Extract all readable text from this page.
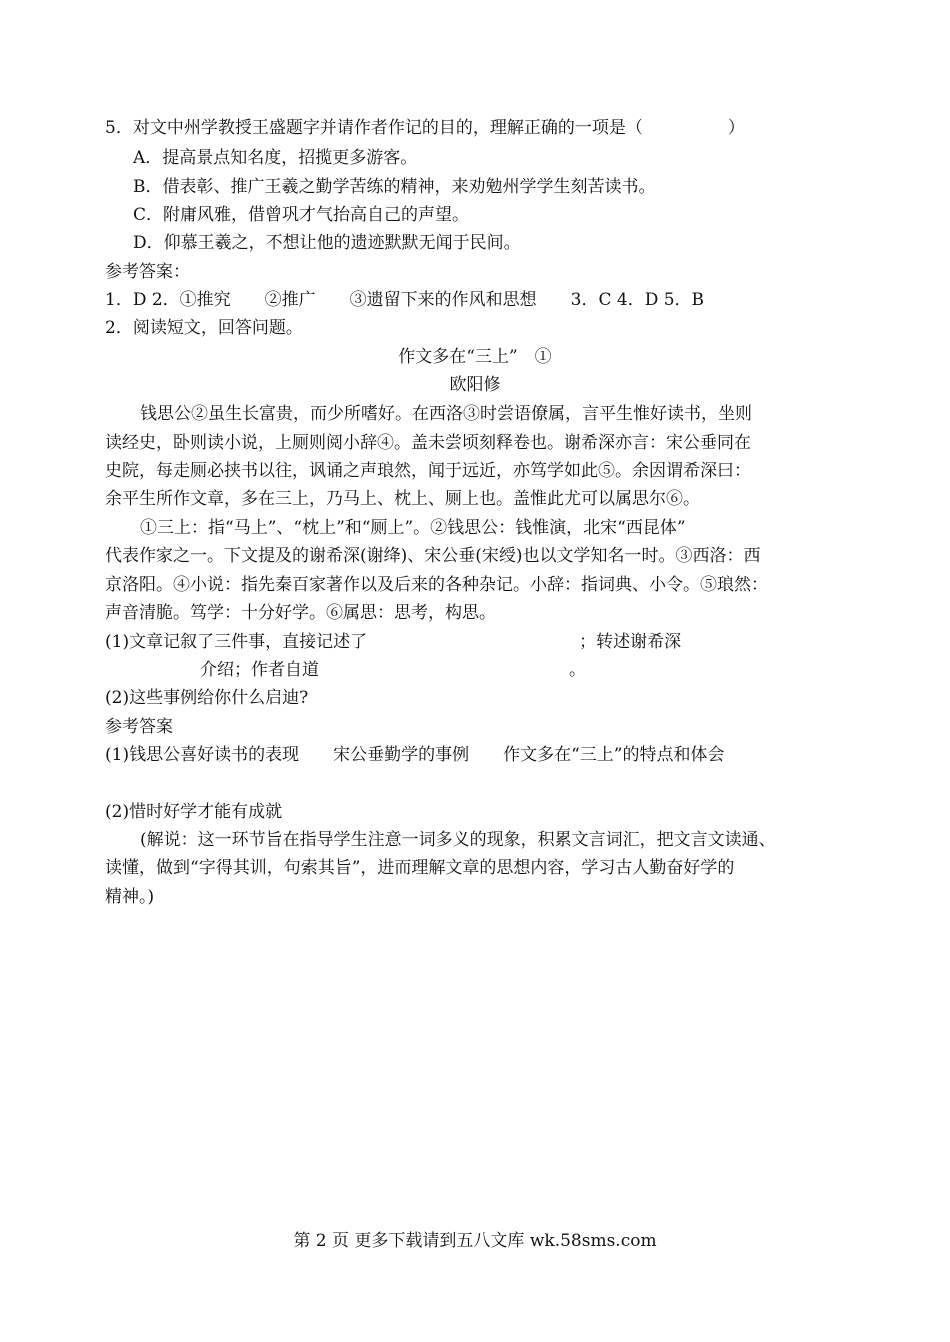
5．对文中州学教授王盛题字并请作者作记的目的，理解正确的一项是（　　　　　）
A．提高景点知名度，招揽更多游客。
B．借表彰、推广王羲之勤学苦练的精神，来劝勉州学学生刻苦读书。
C．附庸风雅，借曾巩才气抬高自己的声望。
D．仰慕王羲之，不想让他的遗迹默默无闻于民间。
参考答案：
1．D 2．①推究　　②推广　　③遗留下来的作风和思想　　3．C 4．D 5．B
2．阅读短文，回答问题。
作文多在“三上”　①
欧阳修
钱思公②虽生长富贵，而少所嗜好。在西洛③时尝语僚属，言平生惟好读书，坐则
读经史，卧则读小说，上厕则阅小辞④。盖未尝顷刻释卷也。谢希深亦言：宋公垂同在
史院，每走厕必挟书以往，讽诵之声琅然，闻于远近，亦笃学如此⑤。余因谓希深曰：
余平生所作文章，多在三上，乃马上、枕上、厕上也。盖惟此尤可以属思尔⑥。
①三上：指“马上”、“枕上”和“厕上”。②钱思公：钱惟演，北宋“西昆体”
代表作家之一。下文提及的谢希深(谢绛)、宋公垂(宋绶)也以文学知名一时。③西洛：西
京洛阳。④小说：指先秦百家著作以及后来的各种杂记。小辞：指词典、小令。⑤琅然：
声音清脆。笃学：十分好学。⑥属思：思考，构思。
(1)文章记叙了三件事，直接记述了	；转述谢希深
介绍；作者自道	。
(2)这些事例给你什么启迪?
参考答案
(1)钱思公喜好读书的表现　　宋公垂勤学的事例　　作文多在“三上”的特点和体会
(2)惜时好学才能有成就
(解说：这一环节旨在指导学生注意一词多义的现象，积累文言词汇，把文言文读通、
读懂，做到“字得其训，句索其旨”，进而理解文章的思想内容，学习古人勤奋好学的
精神。)
第 2 页 更多下载请到五八文库 wk.58sms.com
